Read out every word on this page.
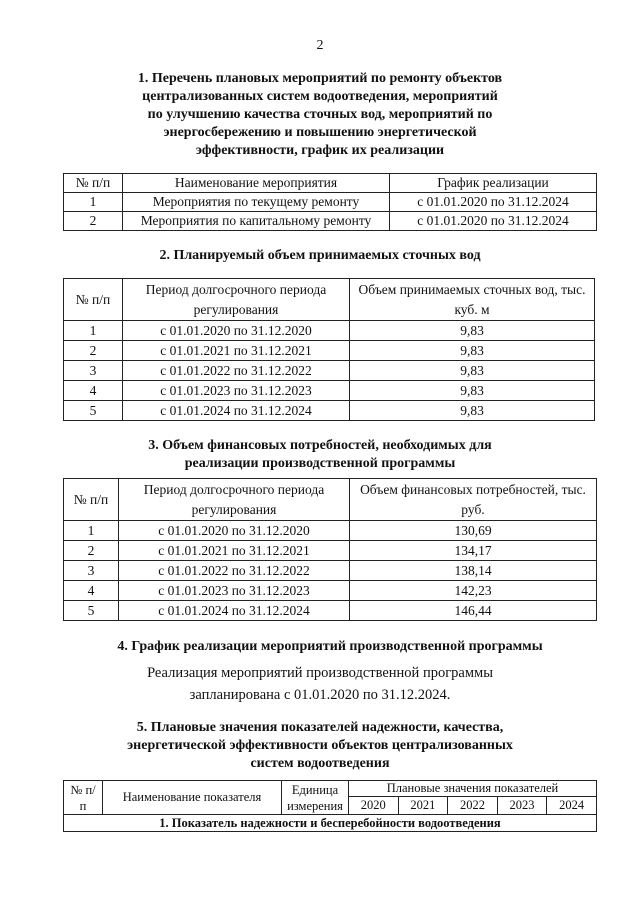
2
1. Перечень плановых мероприятий по ремонту объектов
централизованных систем водоотведения, мероприятий
по улучшению качества сточных вод, мероприятий по
энергосбережению и повышению энергетической
эффективности, график их реализации
№ п/п	Наименование мероприятия	График реализации
1	Мероприятия по текущему ремонту	с 01.01.2020 по 31.12.2024
2	Мероприятия по капитальному ремонту	с 01.01.2020 по 31.12.2024
2. Планируемый объем принимаемых сточных вод
№ п/п	Период долгосрочного периода регулирования	Объем принимаемых сточных вод, тыс. куб. м
1	с 01.01.2020 по 31.12.2020	9,83
2	с 01.01.2021 по 31.12.2021	9,83
3	с 01.01.2022 по 31.12.2022	9,83
4	с 01.01.2023 по 31.12.2023	9,83
5	с 01.01.2024 по 31.12.2024	9,83
3. Объем финансовых потребностей, необходимых для
реализации производственной программы
№ п/п	Период долгосрочного периода регулирования	Объем финансовых потребностей, тыс. руб.
1	с 01.01.2020 по 31.12.2020	130,69
2	с 01.01.2021 по 31.12.2021	134,17
3	с 01.01.2022 по 31.12.2022	138,14
4	с 01.01.2023 по 31.12.2023	142,23
5	с 01.01.2024 по 31.12.2024	146,44
4. График реализации мероприятий производственной программы
Реализация мероприятий производственной программы
запланирована с 01.01.2020 по 31.12.2024.
5. Плановые значения показателей надежности, качества,
энергетической эффективности объектов централизованных
систем водоотведения
№ п/п	Наименование показателя	Единица измерения	Плановые значения показателей				
			2020	2021	2022	2023	2024
1. Показатель надежности и бесперебойности водоотведения							
